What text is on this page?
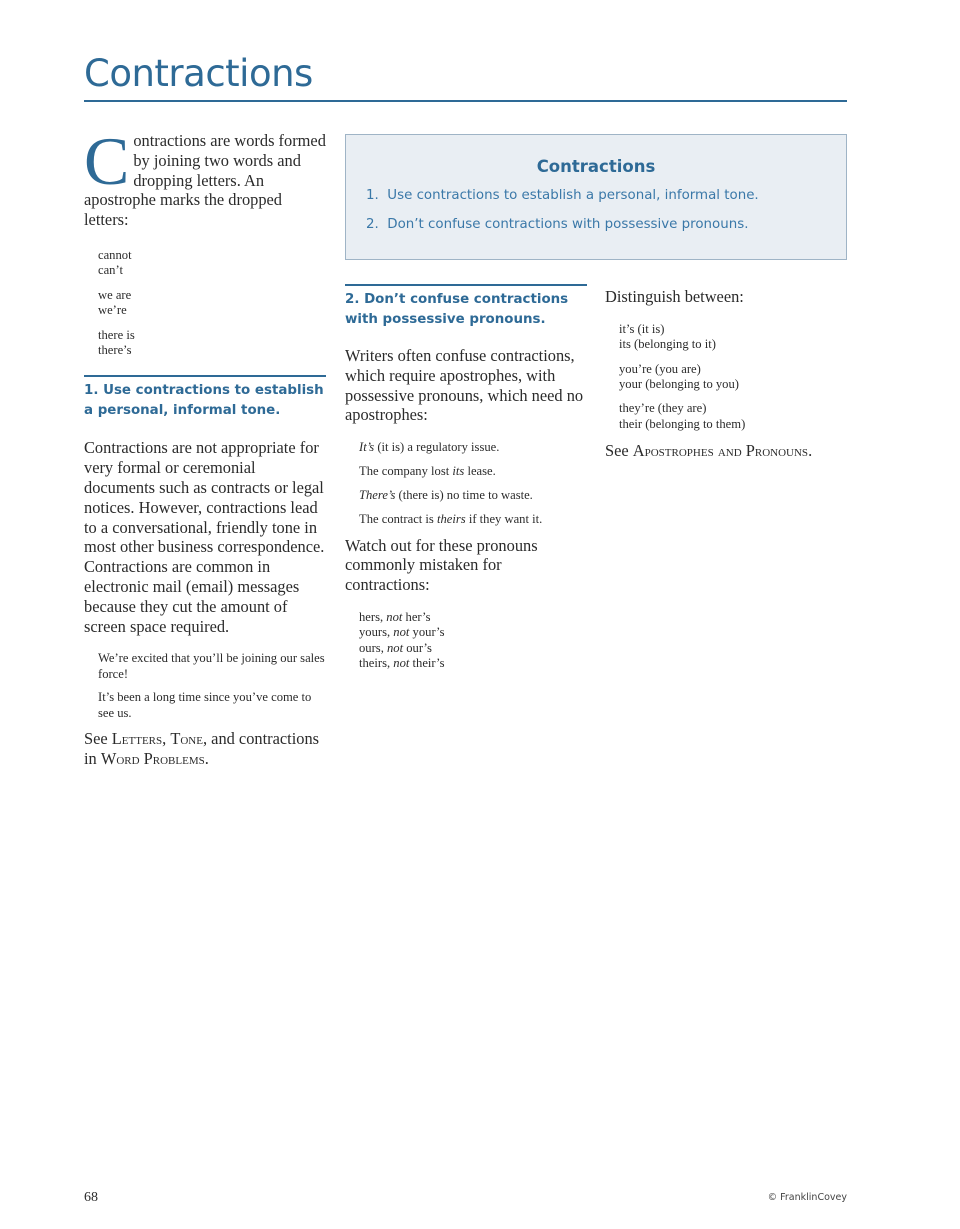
Contractions
Contractions
1. Use contractions to establish a personal, informal tone.
2. Don’t confuse contractions with possessive pronouns.

Contractions are words formed by joining two words and dropping letters. An apostrophe marks the dropped letters:

cannot
can’t
we are
we’re
there is
there’s
1. Use contractions to establish a personal, informal tone.

Contractions are not appropriate for very formal or ceremonial documents such as contracts or legal notices. However, contractions lead to a conversational, friendly tone in most other business correspondence. Contractions are common in electronic mail (email) messages because they cut the amount of screen space required.

We’re excited that you’ll be joining our sales force!
It’s been a long time since you’ve come to see us.

See Letters, Tone, and contractions in Word Problems.

2. Don’t confuse contractions with possessive pronouns.

Writers often confuse contractions, which require apostrophes, with possessive pronouns, which need no apostrophes:

It’s (it is) a regulatory issue.
The company lost its lease.
There’s (there is) no time to waste.
The contract is theirs if they want it.

Watch out for these pronouns commonly mistaken for contractions:

hers, not her’s
yours, not your’s
ours, not our’s
theirs, not their’s

Distinguish between:

it’s (it is)
its (belonging to it)
you’re (you are)
your (belonging to you)
they’re (they are)
their (belonging to them)

See Apostrophes and Pronouns.

68	© FranklinCovey
